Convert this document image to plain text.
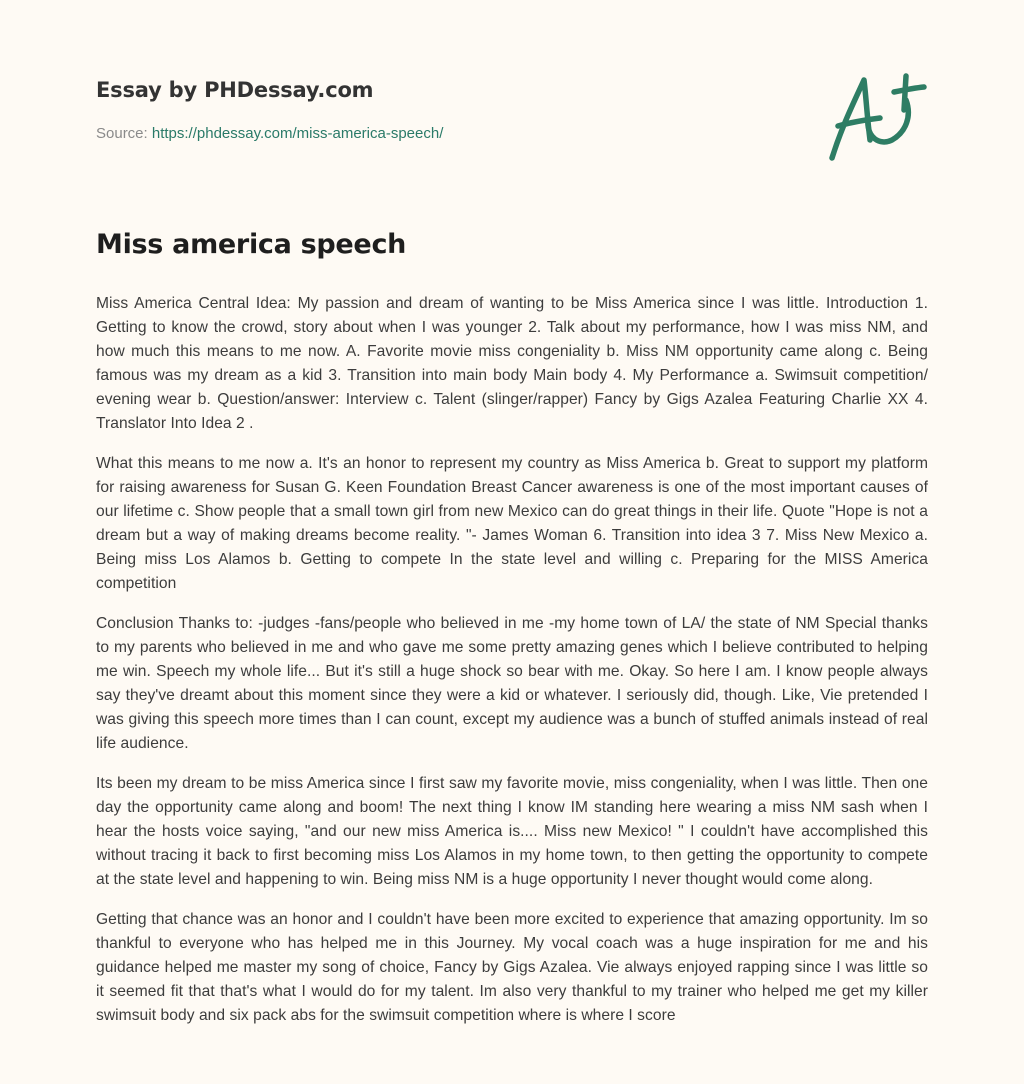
Essay by PHDessay.com
Source: https://phdessay.com/miss-america-speech/
Miss america speech

Miss America Central Idea: My passion and dream of wanting to be Miss America since I was little. Introduction 1. Getting to know the crowd, story about when I was younger 2. Talk about my performance, how I was miss NM, and how much this means to me now. A. Favorite movie miss congeniality b. Miss NM opportunity came along c. Being famous was my dream as a kid 3. Transition into main body Main body 4. My Performance a. Swimsuit competition/ evening wear b. Question/answer: Interview c. Talent (slinger/rapper) Fancy by Gigs Azalea Featuring Charlie XX 4. Translator Into Idea 2 .

What this means to me now a. It's an honor to represent my country as Miss America b. Great to support my platform for raising awareness for Susan G. Keen Foundation Breast Cancer awareness is one of the most important causes of our lifetime c. Show people that a small town girl from new Mexico can do great things in their life. Quote "Hope is not a dream but a way of making dreams become reality. "- James Woman 6. Transition into idea 3 7. Miss New Mexico a. Being miss Los Alamos b. Getting to compete In the state level and willing c. Preparing for the MISS America competition

Conclusion Thanks to: -judges -fans/people who believed in me -my home town of LA/ the state of NM Special thanks to my parents who believed in me and who gave me some pretty amazing genes which I believe contributed to helping me win. Speech my whole life... But it's still a huge shock so bear with me. Okay. So here I am. I know people always say they've dreamt about this moment since they were a kid or whatever. I seriously did, though. Like, Vie pretended I was giving this speech more times than I can count, except my audience was a bunch of stuffed animals instead of real life audience.

Its been my dream to be miss America since I first saw my favorite movie, miss congeniality, when I was little. Then one day the opportunity came along and boom! The next thing I know IM standing here wearing a miss NM sash when I hear the hosts voice saying, "and our new miss America is.... Miss new Mexico! " I couldn't have accomplished this without tracing it back to first becoming miss Los Alamos in my home town, to then getting the opportunity to compete at the state level and happening to win. Being miss NM is a huge opportunity I never thought would come along.

Getting that chance was an honor and I couldn't have been more excited to experience that amazing opportunity. Im so thankful to everyone who has helped me in this Journey. My vocal coach was a huge inspiration for me and his guidance helped me master my song of choice, Fancy by Gigs Azalea. Vie always enjoyed rapping since I was little so it seemed fit that that's what I would do for my talent. Im also very thankful to my trainer who helped me get my killer swimsuit body and six pack abs for the swimsuit competition where is where I score
